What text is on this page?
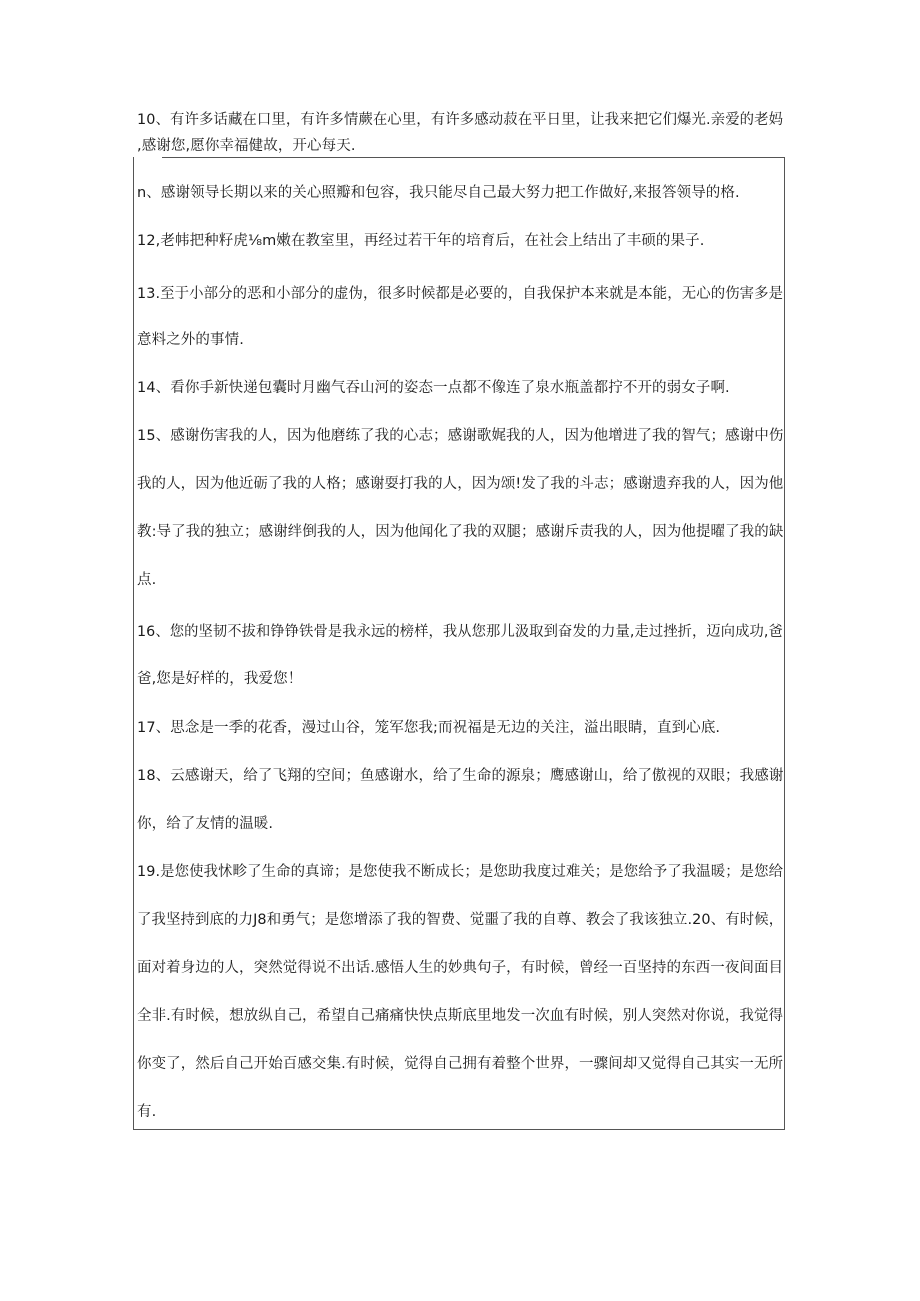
10、有许多话藏在口里，有许多情蕨在心里，有许多感动菽在平日里，让我来把它们爆光.亲爱的老妈
,感谢您,愿你幸福健故，开心每天.
n、感谢领导长期以来的关心照瓣和包容，我只能尽自己最大努力把工作做好,来报答领导的格.
12,老帏把种籽虎⅛m嫩在教室里，再经过若干年的培育后，在社会上结出了丰硕的果子.
13.至于小部分的恶和小部分的虚伪，很多时候都是必要的，自我保护本来就是本能，无心的伤害多是
意料之外的事情.
14、看你手新快递包囊时月幽气吞山河的姿态一点都不像连了泉水瓶盖都拧不开的弱女子啊.
15、感谢伤害我的人，因为他磨练了我的心志；感谢歌娓我的人，因为他增进了我的智气；感谢中伤
我的人，因为他近砺了我的人格；感谢耍打我的人，因为颂!发了我的斗志；感谢遗弃我的人，因为他
教:导了我的独立；感谢绊倒我的人，因为他闻化了我的双腿；感谢斥责我的人，因为他提曜了我的缺
点.
16、您的坚韧不拔和铮铮铁骨是我永远的榜样，我从您那儿汲取到奋发的力量,走过挫折，迈向成功,爸
爸,您是好样的，我爱您！
17、思念是一季的花香，漫过山谷，笼军您我;而祝福是无边的关注，溢出眼睛，直到心底.
18、云感谢天，给了飞翔的空间；鱼感谢水，给了生命的源泉；鹰感谢山，给了傲视的双眼；我感谢
你，给了友情的温暖.
19.是您使我怵畛了生命的真谛；是您使我不断成长；是您助我度过难关；是您给予了我温暖；是您给
了我坚持到底的力J8和勇气；是您增添了我的智费、觉噩了我的自尊、教会了我该独立.20、有时候，
面对着身边的人，突然觉得说不出话.感悟人生的妙典句子，有时候，曾经一百坚持的东西一夜间面目
全非.有时候，想放纵自己，希望自己痛痛快快点斯底里地发一次血有时候，别人突然对你说，我觉得
你变了，然后自己开始百感交集.有时候，觉得自己拥有着整个世界，一骤间却又觉得自己其实一无所
有.
